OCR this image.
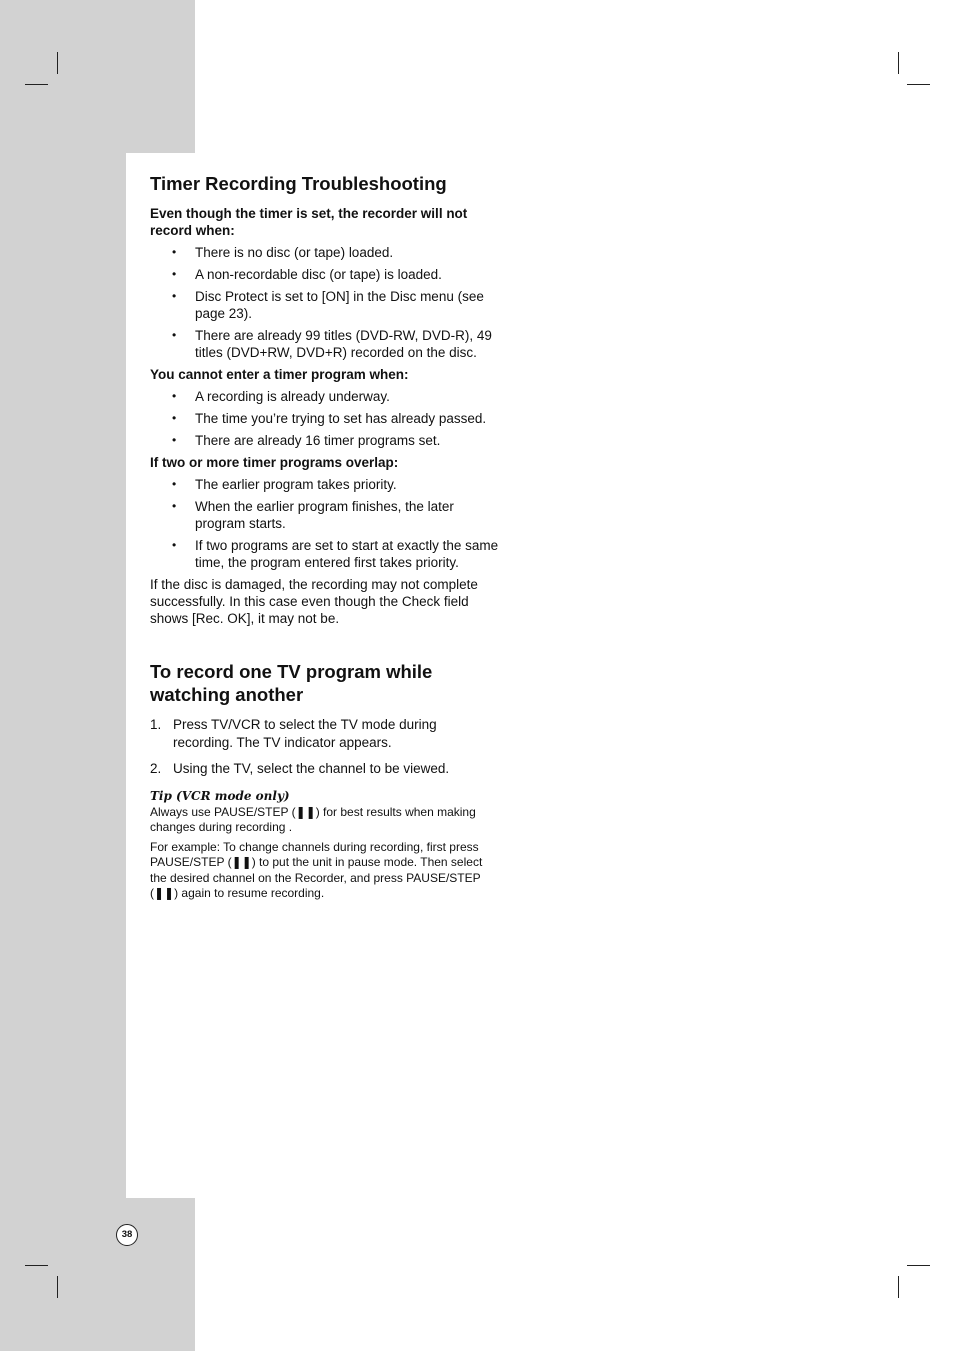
Timer Recording Troubleshooting

Even though the timer is set, the recorder will not record when:

• There is no disc (or tape) loaded.
• A non-recordable disc (or tape) is loaded.
• Disc Protect is set to [ON] in the Disc menu (see page 23).
• There are already 99 titles (DVD-RW, DVD-R), 49 titles (DVD+RW, DVD+R) recorded on the disc.

You cannot enter a timer program when:

• A recording is already underway.
• The time you’re trying to set has already passed.
• There are already 16 timer programs set.

If two or more timer programs overlap:

• The earlier program takes priority.
• When the earlier program finishes, the later program starts.
• If two programs are set to start at exactly the same time, the program entered first takes priority.

If the disc is damaged, the recording may not complete successfully. In this case even though the Check field shows [Rec. OK], it may not be.

To record one TV program while watching another
1. Press TV/VCR to select the TV mode during recording. The TV indicator appears.
2. Using the TV, select the channel to be viewed.

Tip (VCR mode only)

Always use PAUSE/STEP (❚❚) for best results when making changes during recording .

For example: To change channels during recording, first press PAUSE/STEP (❚❚) to put the unit in pause mode. Then select the desired channel on the Recorder, and press PAUSE/STEP (❚❚) again to resume recording.

38
